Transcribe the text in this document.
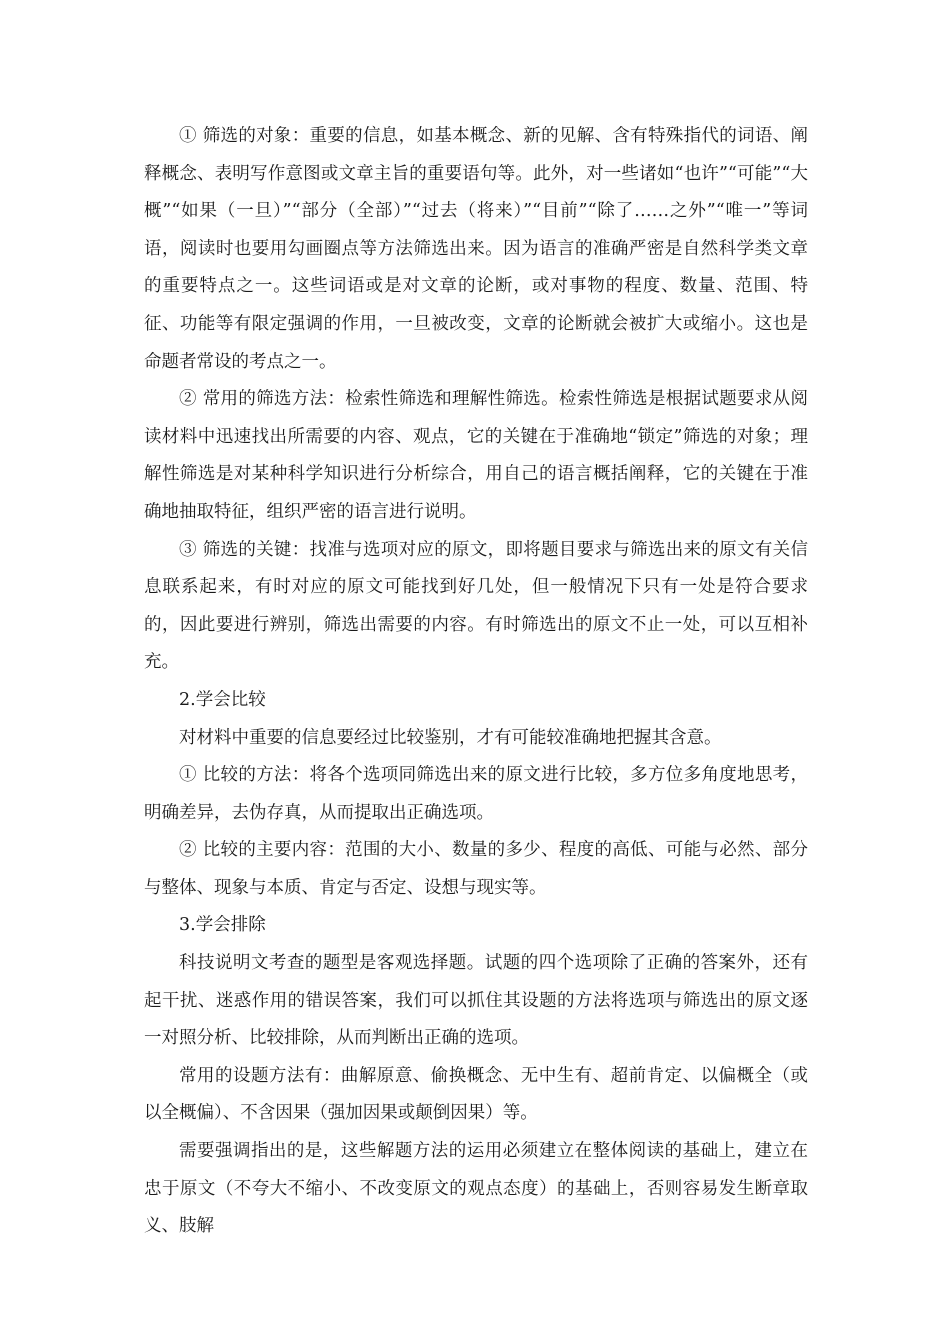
① 筛选的对象：重要的信息，如基本概念、新的见解、含有特殊指代的词语、阐释概念、表明写作意图或文章主旨的重要语句等。此外，对一些诸如“也许”“可能”“大概”“如果（一旦）”“部分（全部）”“过去（将来）”“目前”“除了……之外”“唯一”等词语，阅读时也要用勾画圈点等方法筛选出来。因为语言的准确严密是自然科学类文章的重要特点之一。这些词语或是对文章的论断，或对事物的程度、数量、范围、特征、功能等有限定强调的作用，一旦被改变，文章的论断就会被扩大或缩小。这也是命题者常设的考点之一。

② 常用的筛选方法：检索性筛选和理解性筛选。检索性筛选是根据试题要求从阅读材料中迅速找出所需要的内容、观点，它的关键在于准确地“锁定”筛选的对象；理解性筛选是对某种科学知识进行分析综合，用自己的语言概括阐释，它的关键在于准确地抽取特征，组织严密的语言进行说明。

③ 筛选的关键：找准与选项对应的原文，即将题目要求与筛选出来的原文有关信息联系起来，有时对应的原文可能找到好几处，但一般情况下只有一处是符合要求的，因此要进行辨别，筛选出需要的内容。有时筛选出的原文不止一处，可以互相补充。

2.学会比较

对材料中重要的信息要经过比较鉴别，才有可能较准确地把握其含意。

① 比较的方法：将各个选项同筛选出来的原文进行比较，多方位多角度地思考，明确差异，去伪存真，从而提取出正确选项。

② 比较的主要内容：范围的大小、数量的多少、程度的高低、可能与必然、部分与整体、现象与本质、肯定与否定、设想与现实等。

3.学会排除

科技说明文考查的题型是客观选择题。试题的四个选项除了正确的答案外，还有起干扰、迷惑作用的错误答案，我们可以抓住其设题的方法将选项与筛选出的原文逐一对照分析、比较排除，从而判断出正确的选项。

常用的设题方法有：曲解原意、偷换概念、无中生有、超前肯定、以偏概全（或以全概偏）、不含因果（强加因果或颠倒因果）等。

需要强调指出的是，这些解题方法的运用必须建立在整体阅读的基础上，建立在忠于原文（不夸大不缩小、不改变原文的观点态度）的基础上，否则容易发生断章取义、肢解
